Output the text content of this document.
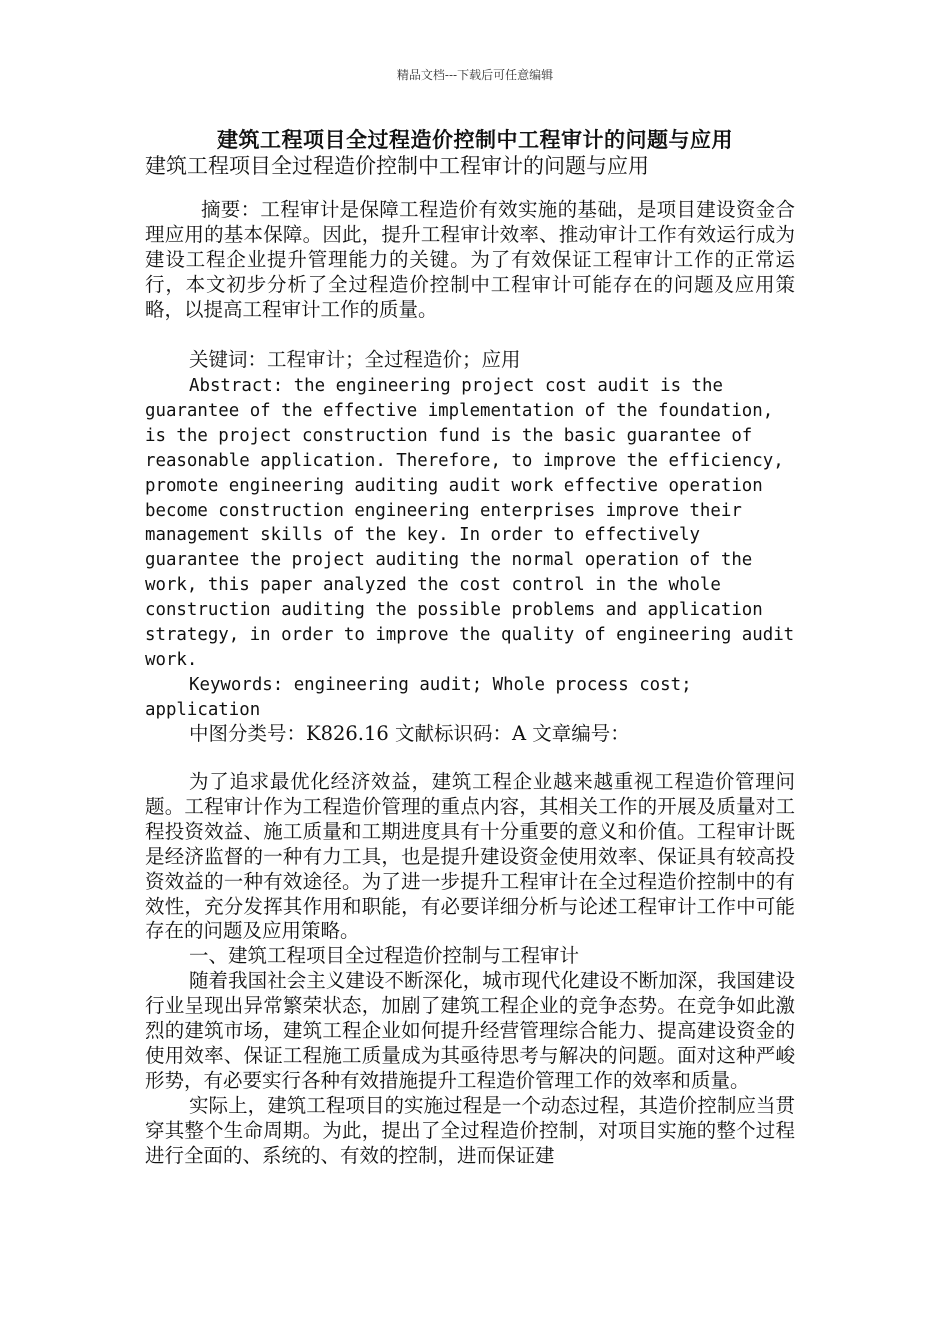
精品文档---下载后可任意编辑
建筑工程项目全过程造价控制中工程审计的问题与应用
建筑工程项目全过程造价控制中工程审计的问题与应用

摘要：工程审计是保障工程造价有效实施的基础，是项目建设资金合理应用的基本保障。因此，提升工程审计效率、推动审计工作有效运行成为建设工程企业提升管理能力的关键。为了有效保证工程审计工作的正常运行，本文初步分析了全过程造价控制中工程审计可能存在的问题及应用策略，以提高工程审计工作的质量。

关键词：工程审计；全过程造价；应用

Abstract: the engineering project cost audit is the guarantee of the effective implementation of the foundation, is the project construction fund is the basic guarantee of reasonable application. Therefore, to improve the efficiency, promote engineering auditing audit work effective operation become construction engineering enterprises improve their management skills of the key. In order to effectively guarantee the project auditing the normal operation of the work, this paper analyzed the cost control in the whole construction auditing the possible problems and application strategy, in order to improve the quality of engineering audit work.

Keywords: engineering audit; Whole process cost; application

中图分类号：K826.16 文献标识码：A 文章编号：

为了追求最优化经济效益，建筑工程企业越来越重视工程造价管理问题。工程审计作为工程造价管理的重点内容，其相关工作的开展及质量对工程投资效益、施工质量和工期进度具有十分重要的意义和价值。工程审计既是经济监督的一种有力工具，也是提升建设资金使用效率、保证具有较高投资效益的一种有效途径。为了进一步提升工程审计在全过程造价控制中的有效性，充分发挥其作用和职能，有必要详细分析与论述工程审计工作中可能存在的问题及应用策略。

一、建筑工程项目全过程造价控制与工程审计

随着我国社会主义建设不断深化，城市现代化建设不断加深，我国建设行业呈现出异常繁荣状态，加剧了建筑工程企业的竞争态势。在竞争如此激烈的建筑市场，建筑工程企业如何提升经营管理综合能力、提高建设资金的使用效率、保证工程施工质量成为其亟待思考与解决的问题。面对这种严峻形势，有必要实行各种有效措施提升工程造价管理工作的效率和质量。

实际上，建筑工程项目的实施过程是一个动态过程，其造价控制应当贯穿其整个生命周期。为此，提出了全过程造价控制，对项目实施的整个过程进行全面的、系统的、有效的控制，进而保证建
